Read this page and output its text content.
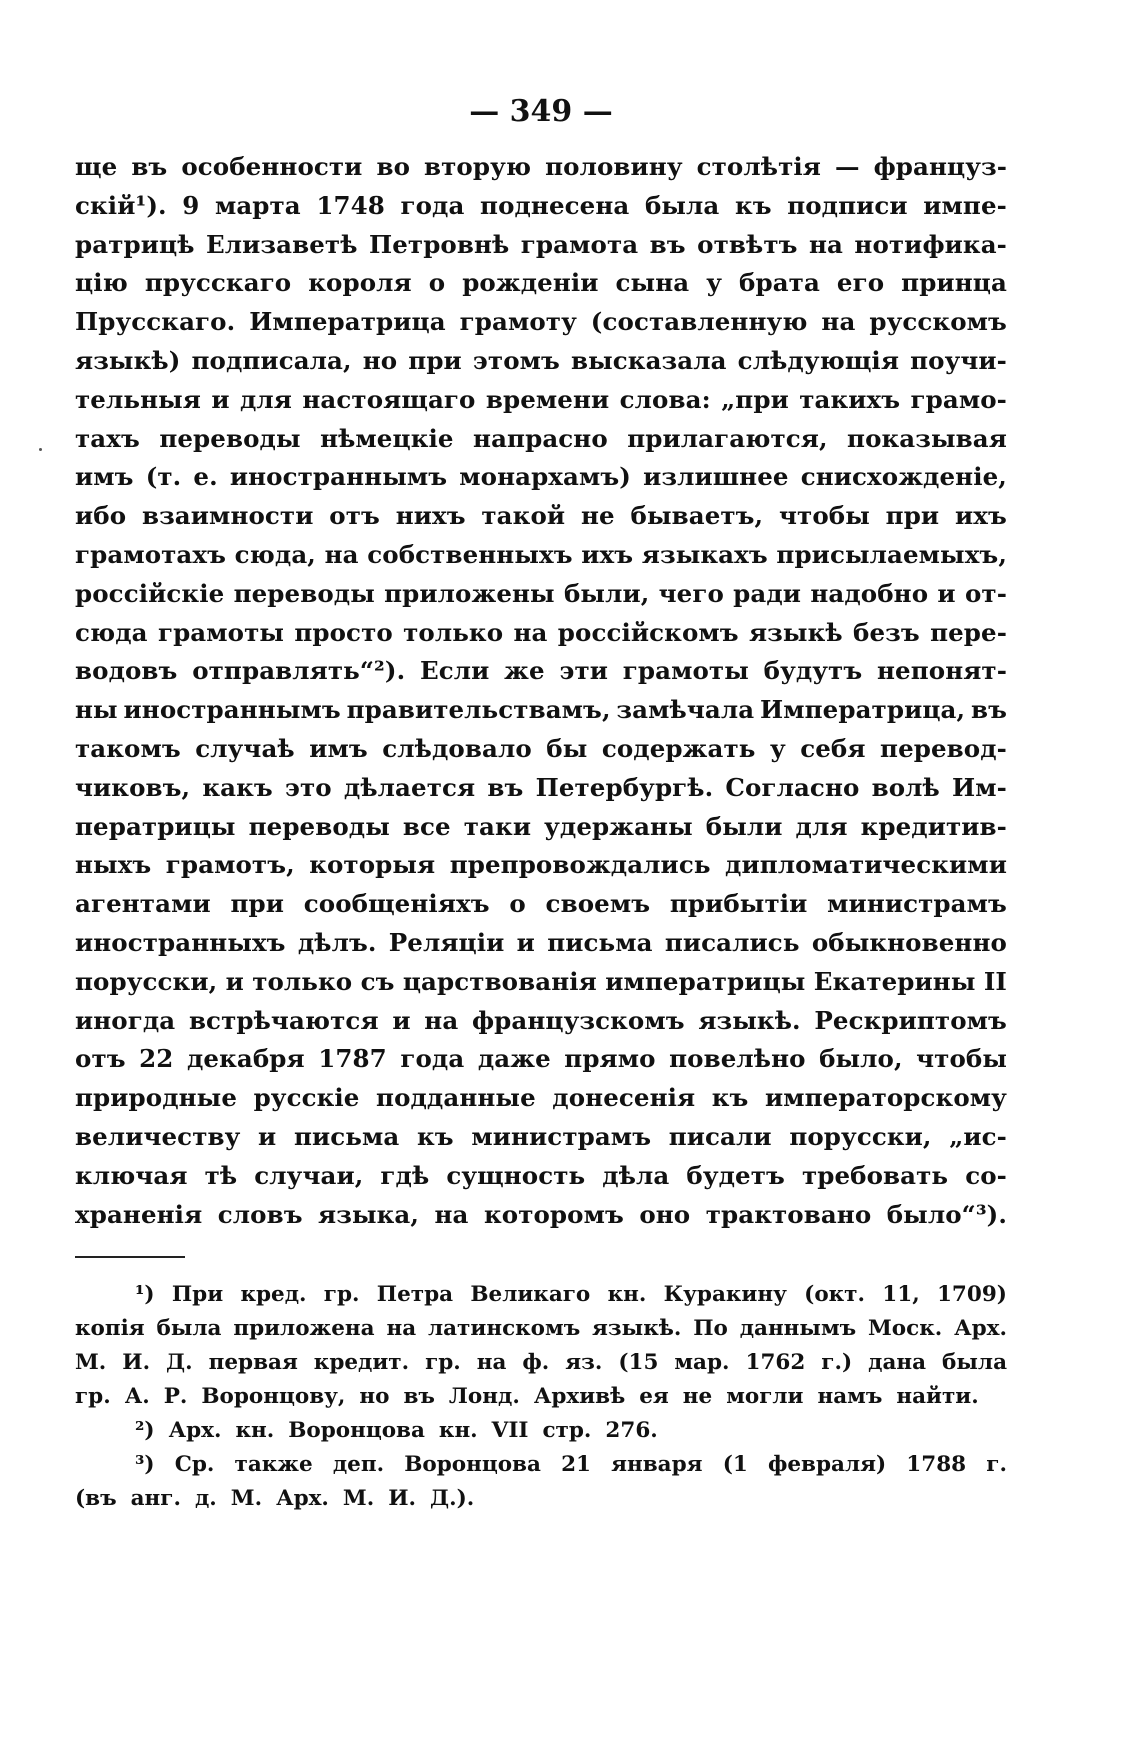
— 349 —
ще въ особенности во вторую половину столѣтія — француз-
скій¹). 9 марта 1748 года поднесена была къ подписи импе-
ратрицѣ Елизаветѣ Петровнѣ грамота въ отвѣтъ на нотифика-
цію прусскаго короля о рожденіи сына у брата его принца
Прусскаго. Императрица грамоту (составленную на русскомъ
языкѣ) подписала, но при этомъ высказала слѣдующія поучи-
тельныя и для настоящаго времени слова: „при такихъ грамо-
тахъ переводы нѣмецкіе напрасно прилагаются, показывая
имъ (т. е. иностраннымъ монархамъ) излишнее снисхожденіе,
ибо взаимности отъ нихъ такой не бываетъ, чтобы при ихъ
грамотахъ сюда, на собственныхъ ихъ языкахъ присылаемыхъ,
россійскіе переводы приложены были, чего ради надобно и от-
сюда грамоты просто только на россійскомъ языкѣ безъ пере-
водовъ отправлять“²). Если же эти грамоты будутъ непонят-
ны иностраннымъ правительствамъ, замѣчала Императрица, въ
такомъ случаѣ имъ слѣдовало бы содержать у себя перевод-
чиковъ, какъ это дѣлается въ Петербургѣ. Согласно волѣ Им-
ператрицы переводы все таки удержаны были для кредитив-
ныхъ грамотъ, которыя препровождались дипломатическими
агентами при сообщеніяхъ о своемъ прибытіи министрамъ
иностранныхъ дѣлъ. Реляціи и письма писались обыкновенно
порусски, и только съ царствованія императрицы Екатерины II
иногда встрѣчаются и на французскомъ языкѣ. Рескриптомъ
отъ 22 декабря 1787 года даже прямо повелѣно было, чтобы
природные русскіе подданные донесенія къ императорскому
величеству и письма къ министрамъ писали порусски, „ис-
ключая тѣ случаи, гдѣ сущность дѣла будетъ требовать со-
храненія словъ языка, на которомъ оно трактовано было“³).
¹) При кред. гр. Петра Великаго кн. Куракину (окт. 11, 1709)
копія была приложена на латинскомъ языкѣ. По даннымъ Моск. Арх.
М. И. Д. первая кредит. гр. на ф. яз. (15 мар. 1762 г.) дана была
гр. А. Р. Воронцову, но въ Лонд. Архивѣ ея не могли намъ найти.
²) Арх. кн. Воронцова кн. VII стр. 276.
³) Ср. также деп. Воронцова 21 января (1 февраля) 1788 г.
(въ анг. д. М. Арх. М. И. Д.).
